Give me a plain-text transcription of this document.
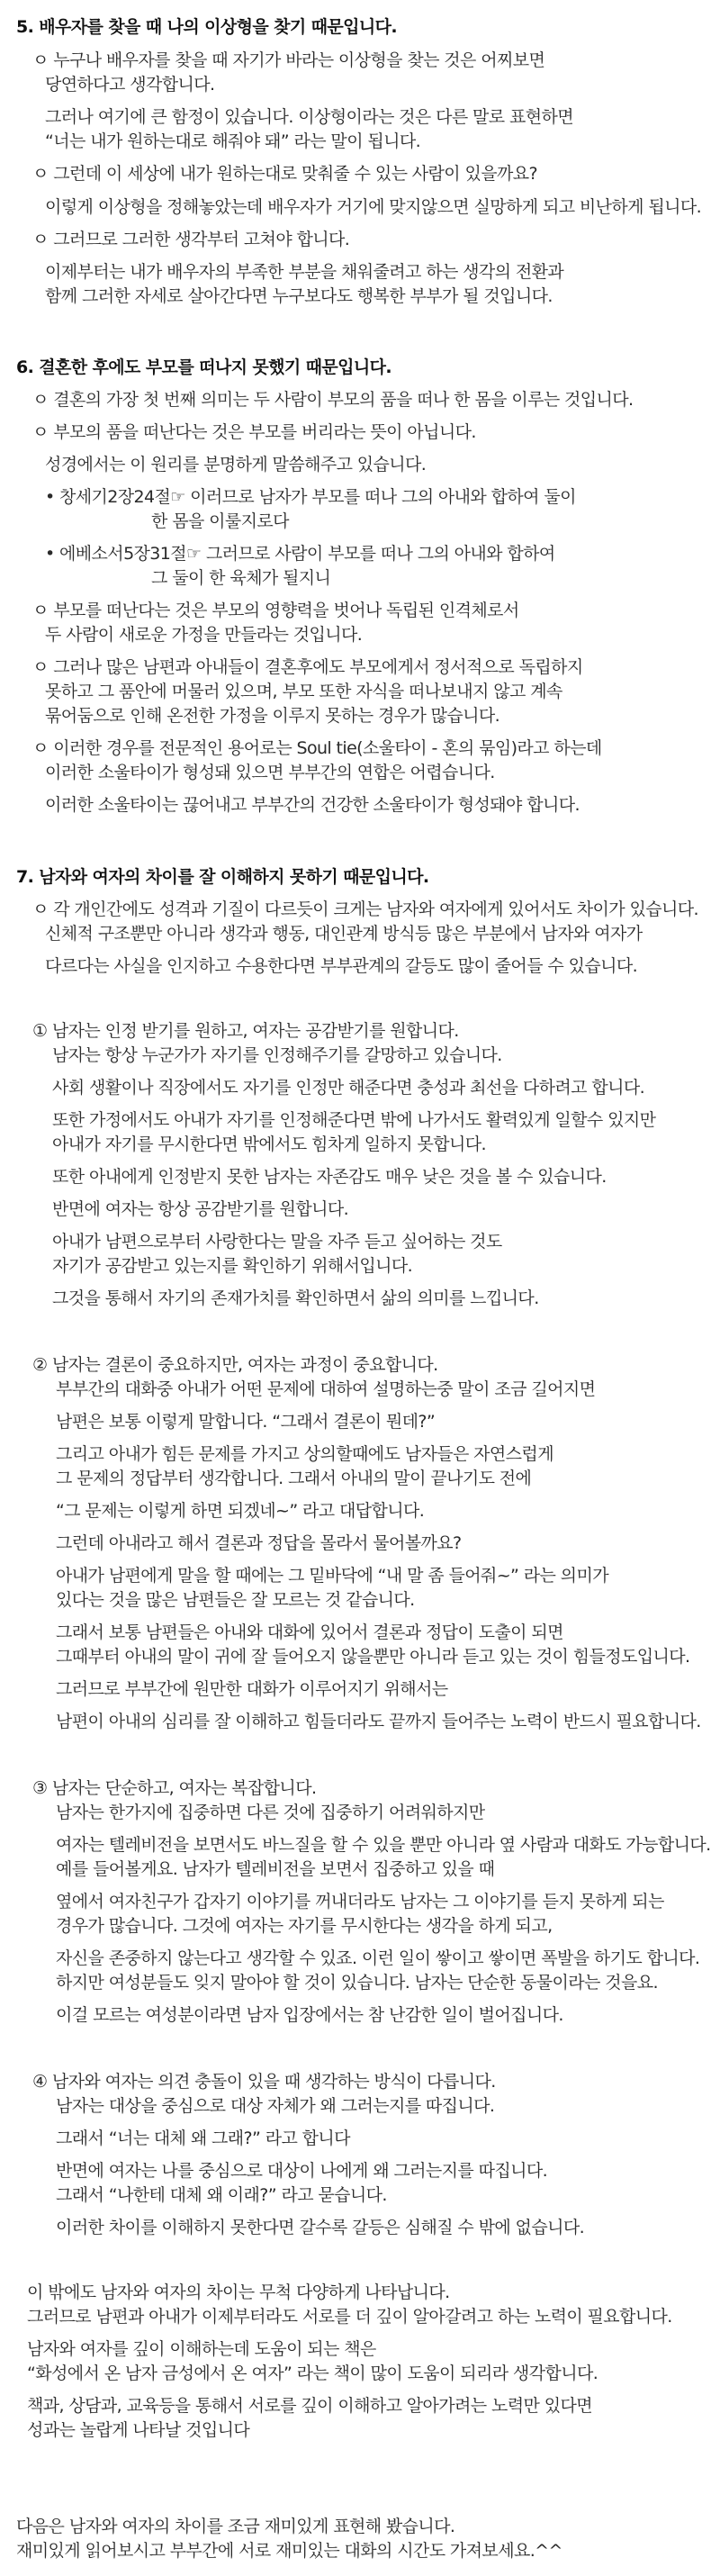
5. 배우자를 찾을 때 나의 이상형을 찾기 때문입니다.
ㅇ 누구나 배우자를 찾을 때 자기가 바라는 이상형을 찾는 것은 어찌보면
당연하다고 생각합니다.
그러나 여기에 큰 함정이 있습니다. 이상형이라는 것은 다른 말로 표현하면
“너는 내가 원하는대로 해줘야 돼” 라는 말이 됩니다.
ㅇ 그런데 이 세상에 내가 원하는대로 맞춰줄 수 있는 사람이 있을까요?
이렇게 이상형을 정해놓았는데 배우자가 거기에 맞지않으면 실망하게 되고 비난하게 됩니다.
ㅇ 그러므로 그러한 생각부터 고쳐야 합니다.
이제부터는 내가 배우자의 부족한 부분을 채워줄려고 하는 생각의 전환과
함께 그러한 자세로 살아간다면 누구보다도 행복한 부부가 될 것입니다.
6. 결혼한 후에도 부모를 떠나지 못했기 때문입니다.
ㅇ 결혼의 가장 첫 번째 의미는 두 사람이 부모의 품을 떠나 한 몸을 이루는 것입니다.
ㅇ 부모의 품을 떠난다는 것은 부모를 버리라는 뜻이 아닙니다.
성경에서는 이 원리를 분명하게 말씀해주고 있습니다.
• 창세기2장24절☞ 이러므로 남자가 부모를 떠나 그의 아내와 합하여 둘이
한 몸을 이룰지로다
• 에베소서5장31절☞ 그러므로 사람이 부모를 떠나 그의 아내와 합하여
그 둘이 한 육체가 될지니
ㅇ 부모를 떠난다는 것은 부모의 영향력을 벗어나 독립된 인격체로서
두 사람이 새로운 가정을 만들라는 것입니다.
ㅇ 그러나 많은 남편과 아내들이 결혼후에도 부모에게서 정서적으로 독립하지
못하고 그 품안에 머물러 있으며, 부모 또한 자식을 떠나보내지 않고 계속
묶어둠으로 인해 온전한 가정을 이루지 못하는 경우가 많습니다.
ㅇ 이러한 경우를 전문적인 용어로는 Soul tie(소울타이 - 혼의 묶임)라고 하는데
이러한 소울타이가 형성돼 있으면 부부간의 연합은 어렵습니다.
이러한 소울타이는 끊어내고 부부간의 건강한 소울타이가 형성돼야 합니다.
7. 남자와 여자의 차이를 잘 이해하지 못하기 때문입니다.
ㅇ 각 개인간에도 성격과 기질이 다르듯이 크게는 남자와 여자에게 있어서도 차이가 있습니다.
신체적 구조뿐만 아니라 생각과 행동, 대인관계 방식등 많은 부분에서 남자와 여자가
다르다는 사실을 인지하고 수용한다면 부부관계의 갈등도 많이 줄어들 수 있습니다.
① 남자는 인정 받기를 원하고, 여자는 공감받기를 원합니다.
남자는 항상 누군가가 자기를 인정해주기를 갈망하고 있습니다.
사회 생활이나 직장에서도 자기를 인정만 해준다면 충성과 최선을 다하려고 합니다.
또한 가정에서도 아내가 자기를 인정해준다면 밖에 나가서도 활력있게 일할수 있지만
아내가 자기를 무시한다면 밖에서도 힘차게 일하지 못합니다.
또한 아내에게 인정받지 못한 남자는 자존감도 매우 낮은 것을 볼 수 있습니다.
반면에 여자는 항상 공감받기를 원합니다.
아내가 남편으로부터 사랑한다는 말을 자주 듣고 싶어하는 것도
자기가 공감받고 있는지를 확인하기 위해서입니다.
그것을 통해서 자기의 존재가치를 확인하면서 삶의 의미를 느낍니다.
② 남자는 결론이 중요하지만, 여자는 과정이 중요합니다.
부부간의 대화중 아내가 어떤 문제에 대하여 설명하는중 말이 조금 길어지면
남편은 보통 이렇게 말합니다. “그래서 결론이 뭔데?”
그리고 아내가 힘든 문제를 가지고 상의할때에도 남자들은 자연스럽게
그 문제의 정답부터 생각합니다. 그래서 아내의 말이 끝나기도 전에
“그 문제는 이렇게 하면 되겠네~” 라고 대답합니다.
그런데 아내라고 해서 결론과 정답을 몰라서 물어볼까요?
아내가 남편에게 말을 할 때에는 그 밑바닥에 “내 말 좀 들어줘~” 라는 의미가
있다는 것을 많은 남편들은 잘 모르는 것 같습니다.
그래서 보통 남편들은 아내와 대화에 있어서 결론과 정답이 도출이 되면
그때부터 아내의 말이 귀에 잘 들어오지 않을뿐만 아니라 듣고 있는 것이 힘들정도입니다.
그러므로 부부간에 원만한 대화가 이루어지기 위해서는
남편이 아내의 심리를 잘 이해하고 힘들더라도 끝까지 들어주는 노력이 반드시 필요합니다.
③ 남자는 단순하고, 여자는 복잡합니다.
남자는 한가지에 집중하면 다른 것에 집중하기 어려워하지만
여자는 텔레비전을 보면서도 바느질을 할 수 있을 뿐만 아니라 옆 사람과 대화도 가능합니다.
예를 들어볼게요. 남자가 텔레비전을 보면서 집중하고 있을 때
옆에서 여자친구가 갑자기 이야기를 꺼내더라도 남자는 그 이야기를 듣지 못하게 되는
경우가 많습니다. 그것에 여자는 자기를 무시한다는 생각을 하게 되고,
자신을 존중하지 않는다고 생각할 수 있죠. 이런 일이 쌓이고 쌓이면 폭발을 하기도 합니다.
하지만 여성분들도 잊지 말아야 할 것이 있습니다. 남자는 단순한 동물이라는 것을요.
이걸 모르는 여성분이라면 남자 입장에서는 참 난감한 일이 벌어집니다.
④ 남자와 여자는 의견 충돌이 있을 때 생각하는 방식이 다릅니다.
남자는 대상을 중심으로 대상 자체가 왜 그러는지를 따집니다.
그래서 “너는 대체 왜 그래?” 라고 합니다
반면에 여자는 나를 중심으로 대상이 나에게 왜 그러는지를 따집니다.
그래서 “나한테 대체 왜 이래?” 라고 묻습니다.
이러한 차이를 이해하지 못한다면 갈수록 갈등은 심해질 수 밖에 없습니다.
이 밖에도 남자와 여자의 차이는 무척 다양하게 나타납니다.
그러므로 남편과 아내가 이제부터라도 서로를 더 깊이 알아갈려고 하는 노력이 필요합니다.
남자와 여자를 깊이 이해하는데 도움이 되는 책은
“화성에서 온 남자 금성에서 온 여자” 라는 책이 많이 도움이 되리라 생각합니다.
책과, 상담과, 교육등을 통해서 서로를 깊이 이해하고 알아가려는 노력만 있다면
성과는 놀랍게 나타날 것입니다
다음은 남자와 여자의 차이를 조금 재미있게 표현해 봤습니다.
재미있게 읽어보시고 부부간에 서로 재미있는 대화의 시간도 가져보세요.^^
